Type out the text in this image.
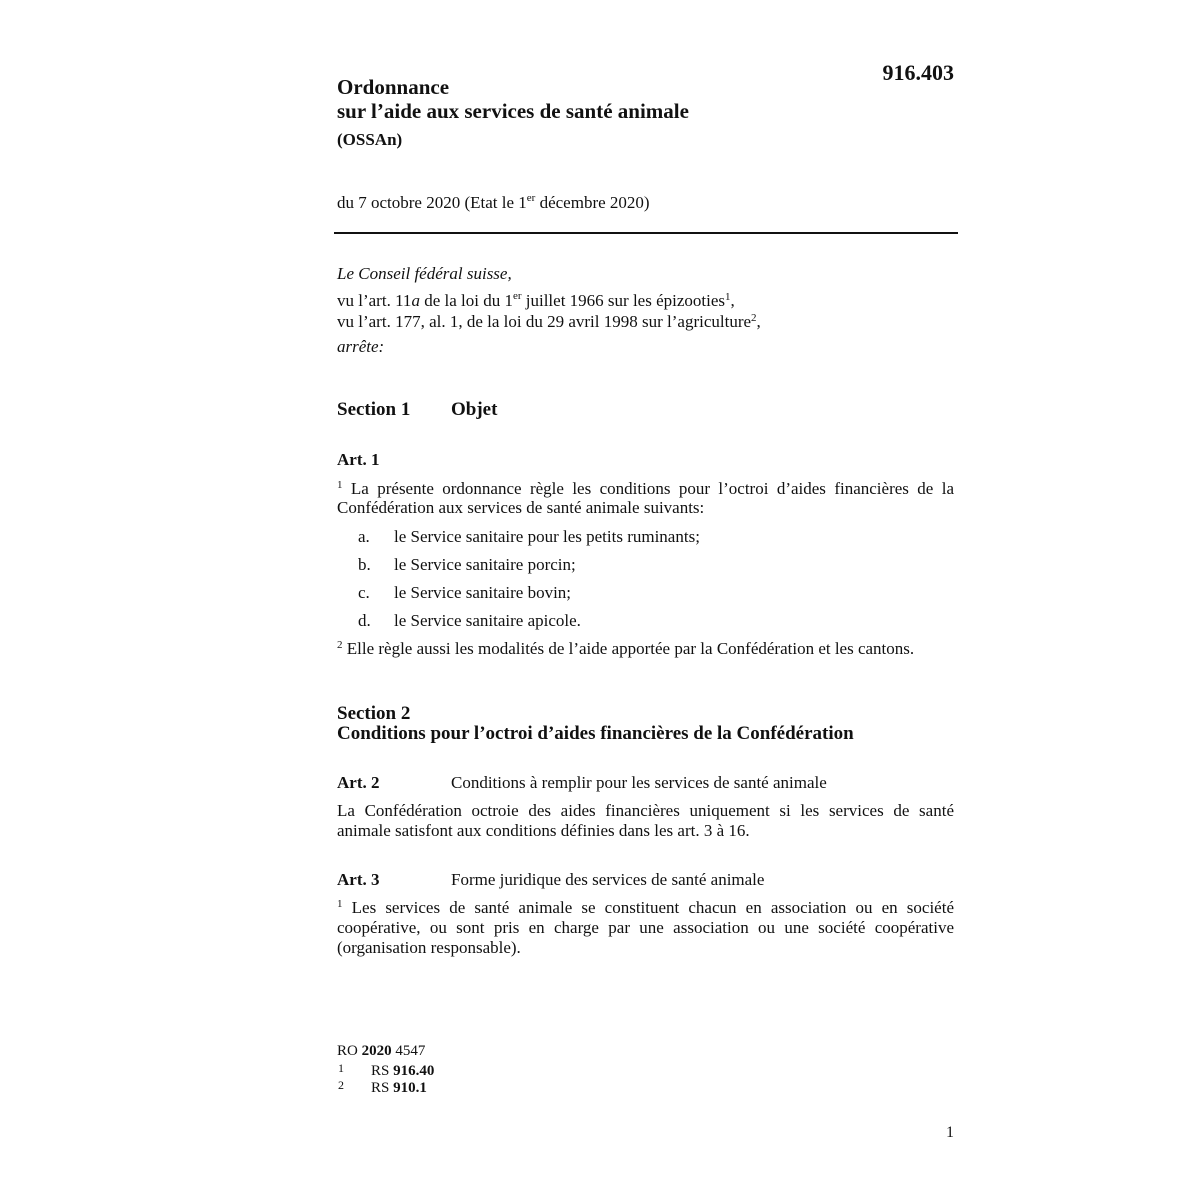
916.403
Ordonnance
sur l’aide aux services de santé animale
(OSSAn)
du 7 octobre 2020 (Etat le 1er décembre 2020)
Le Conseil fédéral suisse,
vu l’art. 11a de la loi du 1er juillet 1966 sur les épizooties$^1$,
vu l’art. 177, al. 1, de la loi du 29 avril 1998 sur l’agriculture$^2$,
arrête:
Section 1 Objet
Art. 1
$^1$ La présente ordonnance règle les conditions pour l’octroi d’aides financières de la
Confédération aux services de santé animale suivants:
a. le Service sanitaire pour les petits ruminants;
b. le Service sanitaire porcin;
c. le Service sanitaire bovin;
d. le Service sanitaire apicole.
$^2$ Elle règle aussi les modalités de l’aide apportée par la Confédération et les cantons.
Section 2
Conditions pour l’octroi d’aides financières de la Confédération
Art. 2	Conditions à remplir pour les services de santé animale
La Confédération octroie des aides financières uniquement si les services de santé
animale satisfont aux conditions définies dans les art. 3 à 16.
Art. 3	Forme juridique des services de santé animale
$^1$ Les services de santé animale se constituent chacun en association ou en société
coopérative, ou sont pris en charge par une association ou une société coopérative
(organisation responsable).
RO 2020 4547
1 RS 916.40
2 RS 910.1
1
